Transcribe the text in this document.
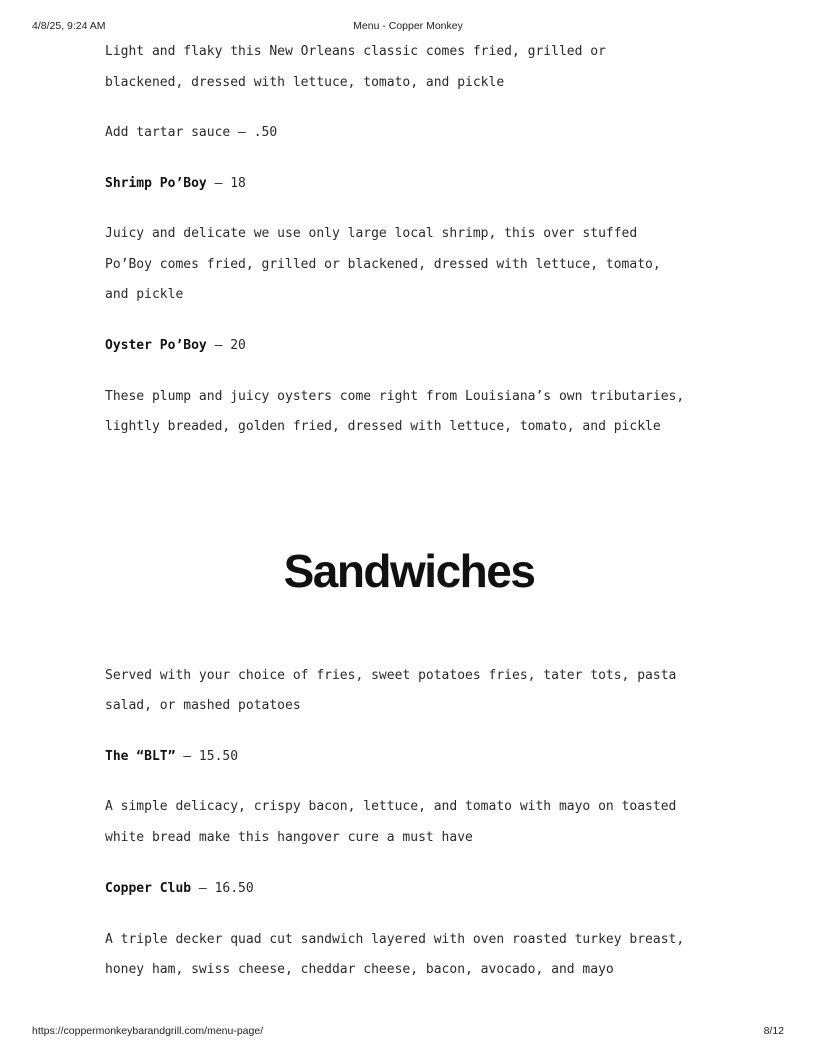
4/8/25, 9:24 AM	Menu - Copper Monkey
Light and flaky this New Orleans classic comes fried, grilled or
blackened, dressed with lettuce, tomato, and pickle
Add tartar sauce – .50
Shrimp Po’Boy – 18
Juicy and delicate we use only large local shrimp, this over stuffed
Po’Boy comes fried, grilled or blackened, dressed with lettuce, tomato,
and pickle
Oyster Po’Boy – 20
These plump and juicy oysters come right from Louisiana’s own tributaries,
lightly breaded, golden fried, dressed with lettuce, tomato, and pickle
Sandwiches
Served with your choice of fries, sweet potatoes fries, tater tots, pasta
salad, or mashed potatoes
The “BLT” – 15.50
A simple delicacy, crispy bacon, lettuce, and tomato with mayo on toasted
white bread make this hangover cure a must have
Copper Club – 16.50
A triple decker quad cut sandwich layered with oven roasted turkey breast,
honey ham, swiss cheese, cheddar cheese, bacon, avocado, and mayo
https://coppermonkeybarandgrill.com/menu-page/	8/12
